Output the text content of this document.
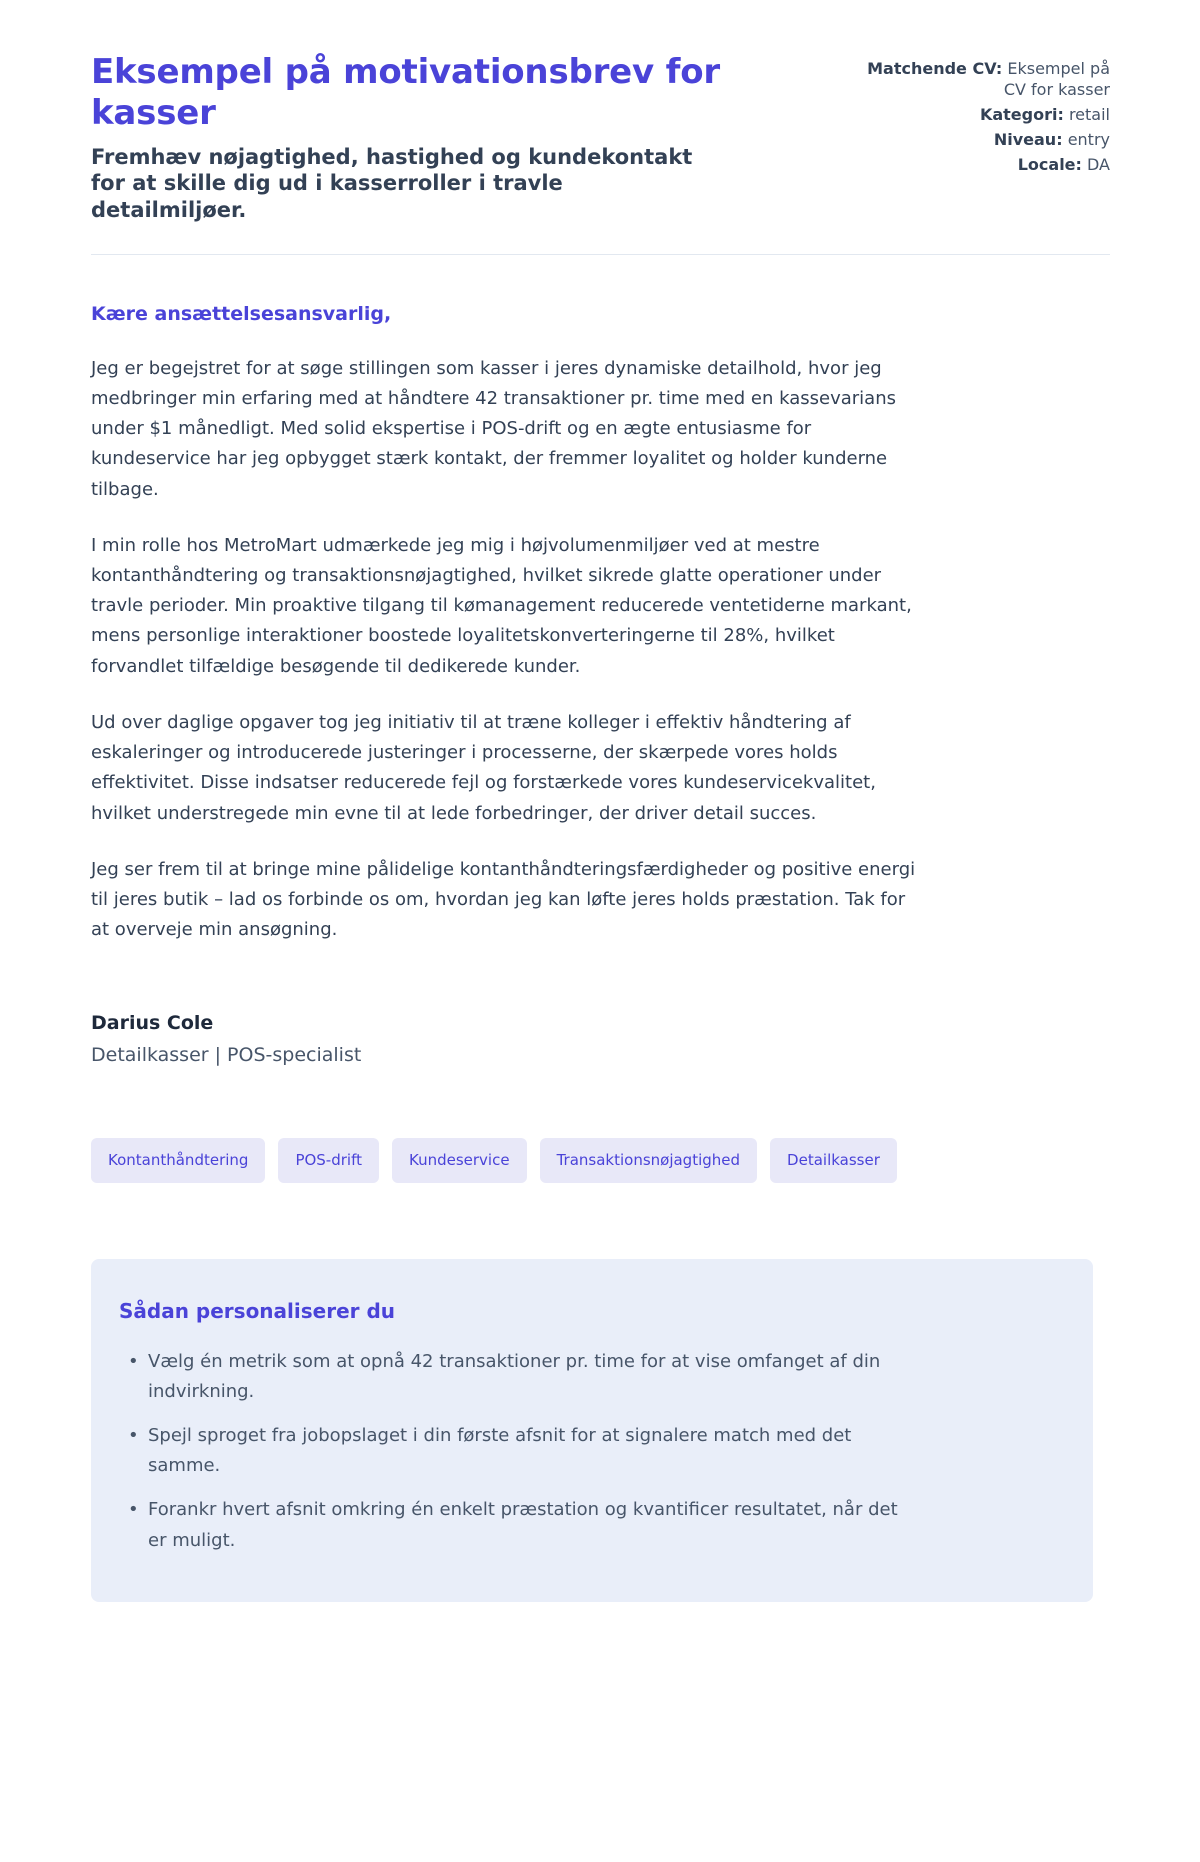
Eksempel på motivationsbrev for kasser

Fremhæv nøjagtighed, hastighed og kundekontakt for at skille dig ud i kasserroller i travle detailmiljøer.

Matchende CV: Eksempel på CV for kasser
Kategori: retail
Niveau: entry
Locale: DA

Kære ansættelsesansvarlig,

Jeg er begejstret for at søge stillingen som kasser i jeres dynamiske detailhold, hvor jeg medbringer min erfaring med at håndtere 42 transaktioner pr. time med en kassevarians under $1 månedligt. Med solid ekspertise i POS-drift og en ægte entusiasme for kundeservice har jeg opbygget stærk kontakt, der fremmer loyalitet og holder kunderne tilbage.

I min rolle hos MetroMart udmærkede jeg mig i højvolumenmiljøer ved at mestre kontanthåndtering og transaktionsnøjagtighed, hvilket sikrede glatte operationer under travle perioder. Min proaktive tilgang til kømanagement reducerede ventetiderne markant, mens personlige interaktioner boostede loyalitetskonverteringerne til 28%, hvilket forvandlet tilfældige besøgende til dedikerede kunder.

Ud over daglige opgaver tog jeg initiativ til at træne kolleger i effektiv håndtering af eskaleringer og introducerede justeringer i processerne, der skærpede vores holds effektivitet. Disse indsatser reducerede fejl og forstærkede vores kundeservicekvalitet, hvilket understregede min evne til at lede forbedringer, der driver detail succes.

Jeg ser frem til at bringe mine pålidelige kontanthåndteringsfærdigheder og positive energi til jeres butik – lad os forbinde os om, hvordan jeg kan løfte jeres holds præstation. Tak for at overveje min ansøgning.

Darius Cole

Detailkasser | POS-specialist

Kontanthåndtering	POS-drift	Kundeservice	Transaktionsnøjagtighed	Detailkasser
Sådan personaliserer du
• Vælg én metrik som at opnå 42 transaktioner pr. time for at vise omfanget af din indvirkning.
• Spejl sproget fra jobopslaget i din første afsnit for at signalere match med det samme.
• Forankr hvert afsnit omkring én enkelt præstation og kvantificer resultatet, når det er muligt.
